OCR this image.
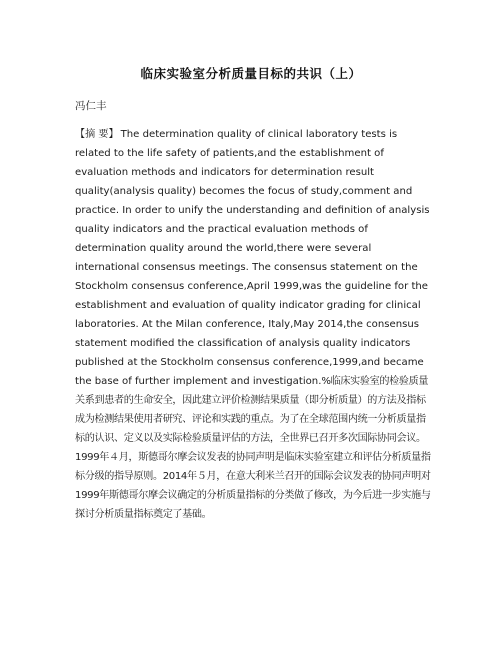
临床实验室分析质量目标的共识（上）
冯仁丰

【摘 要】 The determination quality of clinical laboratory tests is related to the life safety of patients,and the establishment of evaluation methods and indicators for determination result quality(analysis quality) becomes the focus of study,comment and practice. In order to unify the understanding and definition of analysis quality indicators and the practical evaluation methods of determination quality around the world,there were several international consensus meetings. The consensus statement on the Stockholm consensus conference,April 1999,was the guideline for the establishment and evaluation of quality indicator grading for clinical laboratories. At the Milan conference, Italy,May 2014,the consensus statement modified the classification of analysis quality indicators published at the Stockholm consensus conference,1999,and became the base of further implement and investigation.%临床实验室的检验质量关系到患者的生命安全，因此建立评价检测结果质量（即分析质量）的方法及指标成为检测结果使用者研究、评论和实践的重点。为了在全球范围内统一分析质量指标的认识、定义以及实际检验质量评估的方法，全世界已召开多次国际协同会议。1999年４月，斯德哥尔摩会议发表的协同声明是临床实验室建立和评估分析质量指标分级的指导原则。2014年５月，在意大利米兰召开的国际会议发表的协同声明对1999年斯德哥尔摩会议确定的分析质量指标的分类做了修改，为今后进一步实施与探讨分析质量指标奠定了基础。
